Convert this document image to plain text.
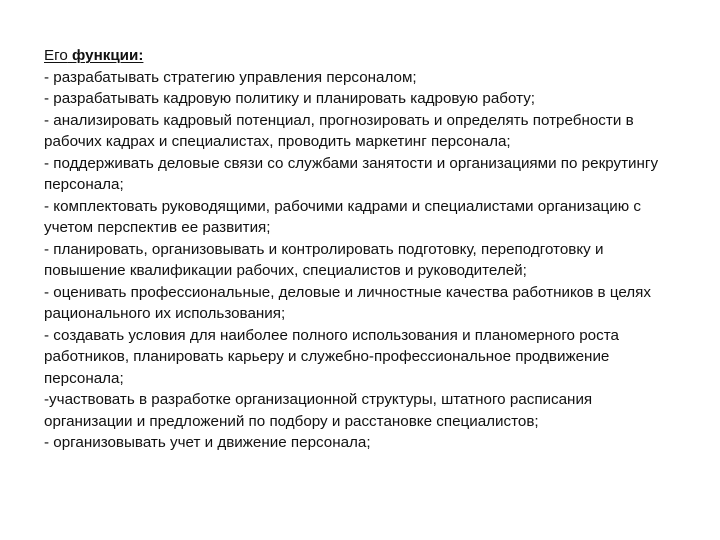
Его функции:

- разрабатывать стратегию управления персоналом;

- разрабатывать кадровую политику и планировать кадровую работу;

- анализировать кадровый потенциал, прогнозировать и определять потребности в рабочих кадрах и специалистах, проводить маркетинг персонала;

- поддерживать деловые связи со службами занятости и организациями по рекрутингу персонала;

- комплектовать руководящими, рабочими кадрами и специалистами организацию с учетом перспектив ее развития;

- планировать, организовывать и контролировать подготовку, переподготовку и повышение квалификации рабочих, специалистов и руководителей;

- оценивать профессиональные, деловые и личностные качества работников в целях рационального их использования;

- создавать условия для наиболее полного использования и планомерного роста работников, планировать карьеру и служебно-профессиональное продвижение персонала;

-участвовать в разработке организационной структуры, штатного расписания организации и предложений по подбору и расстановке специалистов;

- организовывать учет и движение персонала;
